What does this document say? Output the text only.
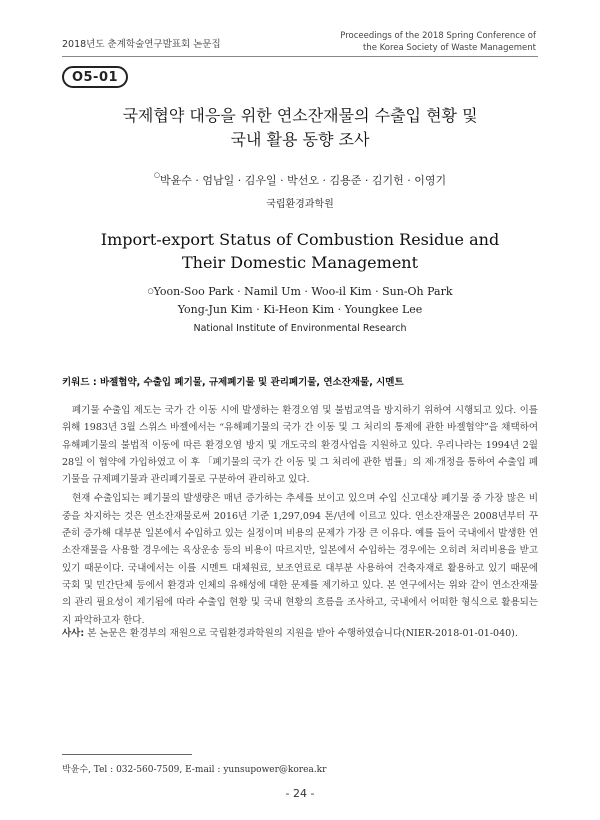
2018년도 춘계학술연구발표회 논문집
Proceedings of the 2018 Spring Conference of
the Korea Society of Waste Management
O5-01
국제협약 대응을 위한 연소잔재물의 수출입 현황 및
국내 활용 동향 조사
○박윤수 · 엄남일 · 김우일 · 박선오 · 김용준 · 김기헌 · 이영기
국립환경과학원
Import-export Status of Combustion Residue and
Their Domestic Management
○Yoon-Soo Park · Namil Um · Woo-il Kim · Sun-Oh Park
Yong-Jun Kim · Ki-Heon Kim · Youngkee Lee
National Institute of Environmental Research
키워드 : 바젤협약, 수출입 폐기물, 규제폐기물 및 관리폐기물, 연소잔재물, 시멘트

폐기물 수출입 제도는 국가 간 이동 시에 발생하는 환경오염 및 불법교역을 방지하기 위하여 시행되고 있다. 이를 위해 1983년 3월 스위스 바젤에서는 “유해폐기물의 국가 간 이동 및 그 처리의 통제에 관한 바젤협약”을 채택하여 유해폐기물의 불법적 이동에 따른 환경오염 방지 및 개도국의 환경사업을 지원하고 있다. 우리나라는 1994년 2월 28일 이 협약에 가입하였고 이 후 「폐기물의 국가 간 이동 및 그 처리에 관한 법률」의 제·개정을 통하여 수출입 폐기물을 규제폐기물과 관리폐기물로 구분하여 관리하고 있다.

현재 수출입되는 폐기물의 발생량은 매년 증가하는 추세를 보이고 있으며 수입 신고대상 폐기물 중 가장 많은 비중을 차지하는 것은 연소잔재물로써 2016년 기준 1,297,094 톤/년에 이르고 있다. 연소잔재물은 2008년부터 꾸준히 증가해 대부분 일본에서 수입하고 있는 실정이며 비용의 문제가 가장 큰 이유다. 예를 들어 국내에서 발생한 연소잔재물을 사용할 경우에는 육상운송 등의 비용이 따르지만, 일본에서 수입하는 경우에는 오히려 처리비용을 받고 있기 때문이다. 국내에서는 이를 시멘트 대체원료, 보조연료로 대부분 사용하여 건축자재로 활용하고 있기 때문에 국회 및 민간단체 등에서 환경과 인체의 유해성에 대한 문제를 제기하고 있다. 본 연구에서는 위와 같이 연소잔재물의 관리 필요성이 제기됨에 따라 수출입 현황 및 국내 현황의 흐름을 조사하고, 국내에서 어떠한 형식으로 활용되는지 파악하고자 한다.

사사: 본 논문은 환경부의 재원으로 국립환경과학원의 지원을 받아 수행하였습니다(NIER-2018-01-01-040).
박윤수, Tel : 032-560-7509, E-mail : yunsupower@korea.kr
- 24 -
